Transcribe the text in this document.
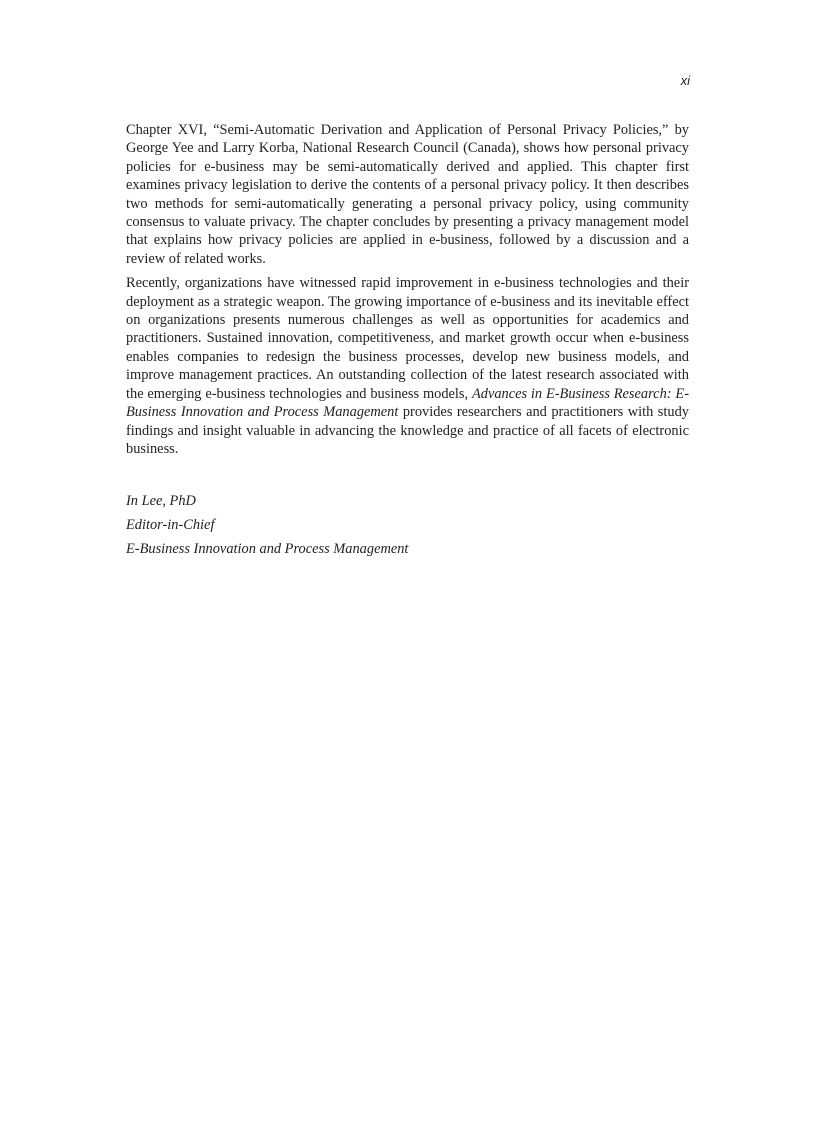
xi

Chapter XVI, “Semi-Automatic Derivation and Application of Personal Privacy Policies,” by George Yee and Larry Korba, National Research Council (Canada), shows how personal privacy policies for e-business may be semi-automatically derived and applied. This chapter first examines privacy legislation to derive the contents of a personal privacy policy. It then describes two methods for semi-automatically generating a personal privacy policy, using community consensus to valuate privacy. The chapter concludes by presenting a privacy management model that explains how privacy policies are applied in e-business, followed by a discussion and a review of related works.

Recently, organizations have witnessed rapid improvement in e-business technologies and their deployment as a strategic weapon. The growing importance of e-business and its inevitable effect on organizations presents numerous challenges as well as opportunities for academics and practitioners. Sustained innovation, competitiveness, and market growth occur when e-business enables companies to redesign the business processes, develop new business models, and improve management practices. An outstanding collection of the latest research associated with the emerging e-business technologies and business models, Advances in E-Business Research: E-Business Innovation and Process Management provides researchers and practitioners with study findings and insight valuable in advancing the knowledge and practice of all facets of electronic business.

In Lee, PhD

Editor-in-Chief

E-Business Innovation and Process Management
